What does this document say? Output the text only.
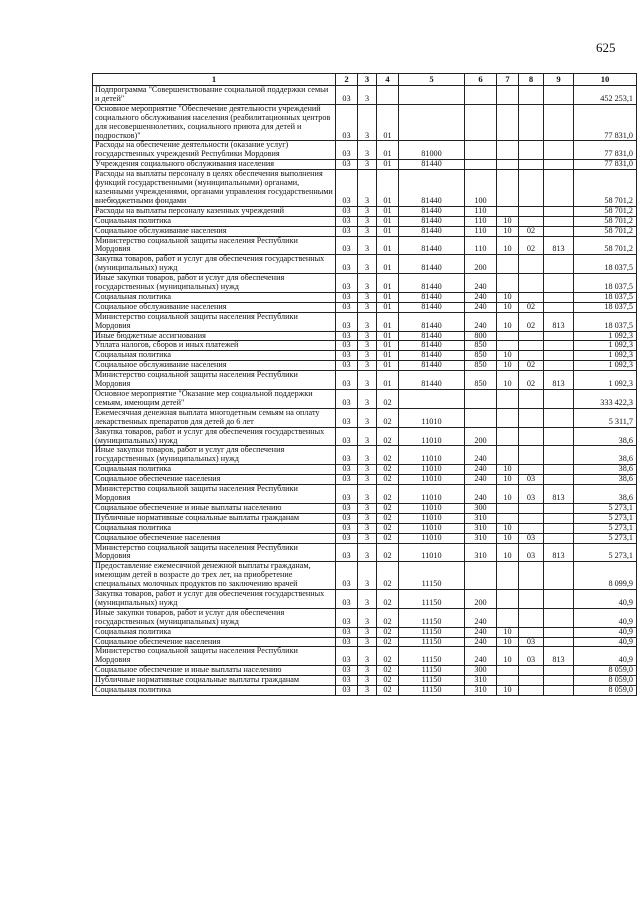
625
1	2	3	4	5	6	7	8	9	10
Подпрограмма "Совершенствование социальной поддержки семьи и детей"	03	3							452 253,1
Основное мероприятие "Обеспечение деятельности учреждений социального обслуживания населения (реабилитационных центров для несовершеннолетних, социального приюта для детей и подростков)"	03	3	01						77 831,0
Расходы на обеспечение деятельности (оказание услуг) государственных учреждений Республики Мордовия	03	3	01	81000					77 831,0
Учреждения социального обслуживания населения	03	3	01	81440					77 831,0
Расходы на выплаты персоналу в целях обеспечения выполнения функций государственными (муниципальными) органами, казенными учреждениями, органами управления государственными внебюджетными фондами	03	3	01	81440	100				58 701,2
Расходы на выплаты персоналу казенных учреждений	03	3	01	81440	110				58 701,2
Социальная политика	03	3	01	81440	110	10			58 701,2
Социальное обслуживание населения	03	3	01	81440	110	10	02		58 701,2
Министерство социальной защиты населения Республики Мордовия	03	3	01	81440	110	10	02	813	58 701,2
Закупка товаров, работ и услуг для обеспечения государственных (муниципальных) нужд	03	3	01	81440	200				18 037,5
Иные закупки товаров, работ и услуг для обеспечения государственных (муниципальных) нужд	03	3	01	81440	240				18 037,5
Социальная политика	03	3	01	81440	240	10			18 037,5
Социальное обслуживание населения	03	3	01	81440	240	10	02		18 037,5
Министерство социальной защиты населения Республики Мордовия	03	3	01	81440	240	10	02	813	18 037,5
Иные бюджетные ассигнования	03	3	01	81440	800				1 092,3
Уплата налогов, сборов и иных платежей	03	3	01	81440	850				1 092,3
Социальная политика	03	3	01	81440	850	10			1 092,3
Социальное обслуживание населения	03	3	01	81440	850	10	02		1 092,3
Министерство социальной защиты населения Республики Мордовия	03	3	01	81440	850	10	02	813	1 092,3
Основное мероприятие "Оказание мер социальной поддержки семьям, имеющим детей"	03	3	02						333 422,3
Ежемесячная денежная выплата многодетным семьям на оплату лекарственных препаратов для детей до 6 лет	03	3	02	11010					5 311,7
Закупка товаров, работ и услуг для обеспечения государственных (муниципальных) нужд	03	3	02	11010	200				38,6
Иные закупки товаров, работ и услуг для обеспечения государственных (муниципальных) нужд	03	3	02	11010	240				38,6
Социальная политика	03	3	02	11010	240	10			38,6
Социальное обеспечение населения	03	3	02	11010	240	10	03		38,6
Министерство социальной защиты населения Республики Мордовия	03	3	02	11010	240	10	03	813	38,6
Социальное обеспечение и иные выплаты населению	03	3	02	11010	300				5 273,1
Публичные нормативные социальные выплаты гражданам	03	3	02	11010	310				5 273,1
Социальная политика	03	3	02	11010	310	10			5 273,1
Социальное обеспечение населения	03	3	02	11010	310	10	03		5 273,1
Министерство социальной защиты населения Республики Мордовия	03	3	02	11010	310	10	03	813	5 273,1
Предоставление ежемесячной денежной выплаты гражданам, имеющим детей в возрасте до трех лет, на приобретение специальных молочных продуктов по заключению врачей	03	3	02	11150					8 099,9
Закупка товаров, работ и услуг для обеспечения государственных (муниципальных) нужд	03	3	02	11150	200				40,9
Иные закупки товаров, работ и услуг для обеспечения государственных (муниципальных) нужд	03	3	02	11150	240				40,9
Социальная политика	03	3	02	11150	240	10			40,9
Социальное обеспечение населения	03	3	02	11150	240	10	03		40,9
Министерство социальной защиты населения Республики Мордовия	03	3	02	11150	240	10	03	813	40,9
Социальное обеспечение и иные выплаты населению	03	3	02	11150	300				8 059,0
Публичные нормативные социальные выплаты гражданам	03	3	02	11150	310				8 059,0
Социальная политика	03	3	02	11150	310	10			8 059,0
